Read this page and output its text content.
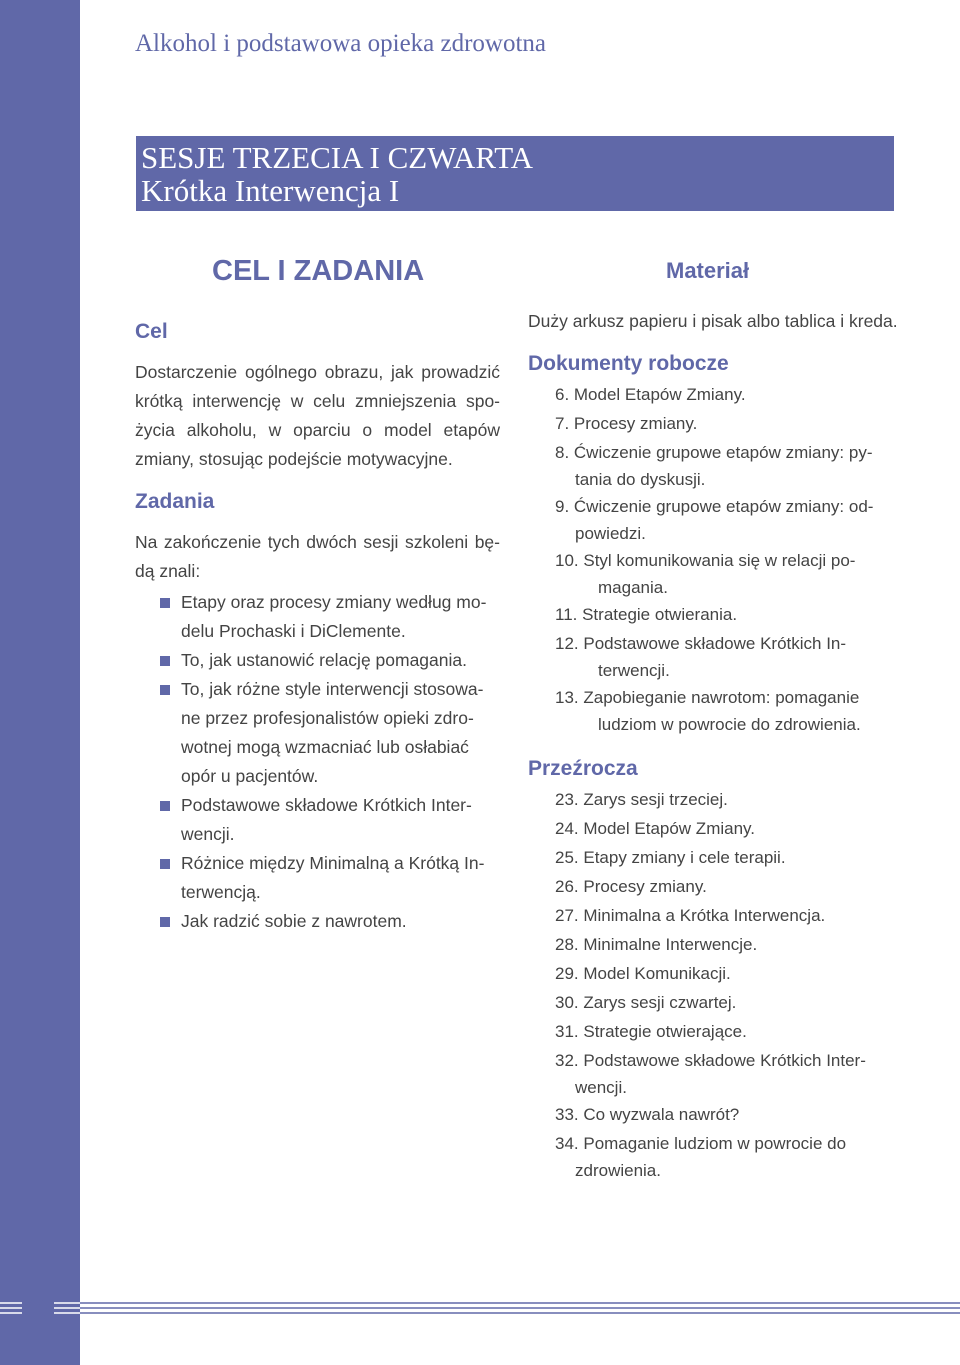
Alkohol i podstawowa opieka zdrowotna
SESJE TRZECIA I CZWARTA
Krótka Interwencja I
CEL I ZADANIA
Cel
Dostarczenie ogólnego obrazu, jak prowadzić
krótką interwencję w celu zmniejszenia spo-
życia alkoholu, w oparciu o model etapów
zmiany, stosując podejście motywacyjne.
Zadania
Na zakończenie tych dwóch sesji szkoleni bę-
dą znali:
Etapy oraz procesy zmiany według mo-delu Prochaski i DiClemente.
To, jak ustanowić relację pomagania.
To, jak różne style interwencji stosowa-ne przez profesjonalistów opieki zdro-wotnej mogą wzmacniać lub osłabiać opór u pacjentów.
Podstawowe składowe Krótkich Inter-wencji.
Różnice między Minimalną a Krótką In-terwencją.
Jak radzić sobie z nawrotem.
Materiał
Duży arkusz papieru i pisak albo tablica i kreda.
Dokumenty robocze
6. Model Etapów Zmiany.
7. Procesy zmiany.
8. Ćwiczenie grupowe etapów zmiany: py-
tania do dyskusji.
9. Ćwiczenie grupowe etapów zmiany: od-
powiedzi.
10. Styl komunikowania się w relacji po-
magania.
11. Strategie otwierania.
12. Podstawowe składowe Krótkich In-
terwencji.
13. Zapobieganie nawrotom: pomaganie
ludziom w powrocie do zdrowienia.
Przeźrocza
23. Zarys sesji trzeciej.
24. Model Etapów Zmiany.
25. Etapy zmiany i cele terapii.
26. Procesy zmiany.
27. Minimalna a Krótka Interwencja.
28. Minimalne Interwencje.
29. Model Komunikacji.
30. Zarys sesji czwartej.
31. Strategie otwierające.
32. Podstawowe składowe Krótkich Inter-
wencji.
33. Co wyzwala nawrót?
34. Pomaganie ludziom w powrocie do
zdrowienia.
16
